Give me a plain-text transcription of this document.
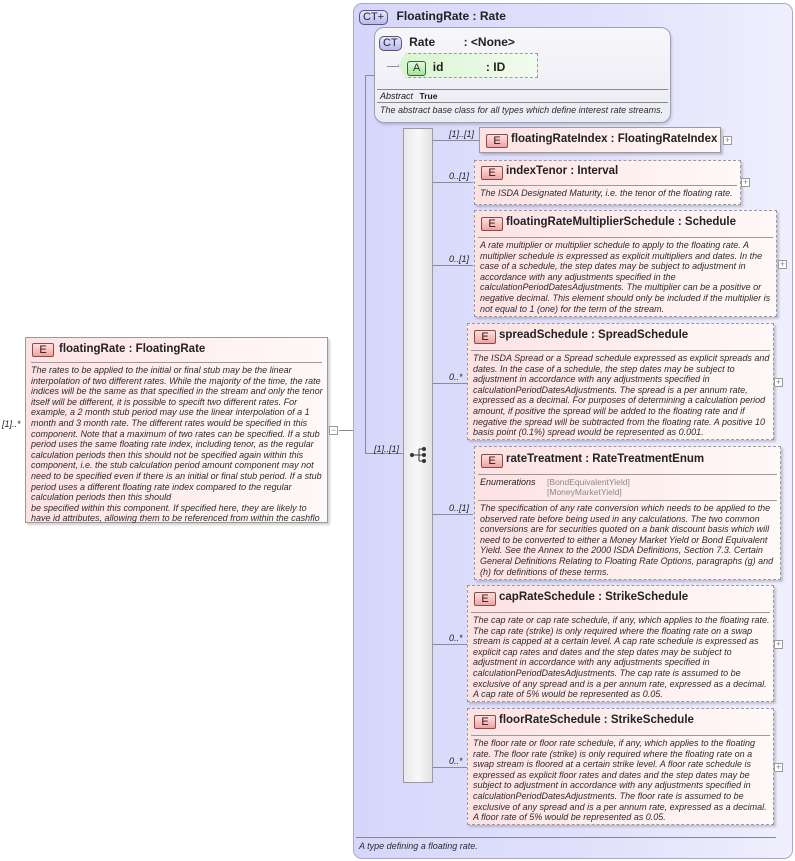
[1]..*
E	floatingRate : FloatingRate
The rates to be applied to the initial or final stub may be the linear interpolation of two different rates. While the majority of the time, the rate indices will be the same as that specified in the stream and only the tenor itself will be different, it is possible to specift two different rates. For example, a 2 month stub period may use the linear interpolation of a 1 month and 3 month rate. The different rates would be specified in this component. Note that a maximum of two rates can be specified. If a stub period uses the same floating rate index, including tenor, as the regular calculation periods then this should not be specified again within this component, i.e. the stub calculation period amount component may not need to be specified even if there is an initial or final stub period. If a stub period uses a different floating rate index compared to the regular calculation periods then this should
be specified within this component. If specified here, they are likely to have id attributes, allowing them to be referenced from within the cashflo
−
CT+ FloatingRate : Rate
CT Rate : <None>
A id	: ID
Abstract True
The abstract base class for all types which define interest rate streams.
[1]..[1]
[1]..[1]
E floatingRateIndex : FloatingRateIndex +
0..[1]	E indexTenor : Interval
The ISDA Designated Maturity, i.e. the tenor of the floating rate.
+
0..[1]
E floatingRateMultiplierSchedule : Schedule
A rate multiplier or multiplier schedule to apply to the floating rate. A multiplier schedule is expressed as explicit multipliers and dates. In the case of a schedule, the step dates may be subject to adjustment in accordance with any adjustments specified in the calculationPeriodDatesAdjustments. The multiplier can be a positive or negative decimal. This element should only be included if the multiplier is not equal to 1 (one) for the term of the stream.
+
0..*
E spreadSchedule : SpreadSchedule
The ISDA Spread or a Spread schedule expressed as explicit spreads and dates. In the case of a schedule, the step dates may be subject to adjustment in accordance with any adjustments specified in calculationPeriodDatesAdjustments. The spread is a per annum rate, expressed as a decimal. For purposes of determining a calculation period amount, if positive the spread will be added to the floating rate and if negative the spread will be subtracted from the floating rate. A positive 10 basis point (0.1%) spread would be represented as 0.001.
+
0..[1]
E rateTreatment : RateTreatmentEnum
Enumerations [BondEquivalentYield]
[MoneyMarketYield]
The specification of any rate conversion which needs to be applied to the observed rate before being used in any calculations. The two common conversions are for securities quoted on a bank discount basis which will need to be converted to either a Money Market Yield or Bond Equivalent Yield. See the Annex to the 2000 ISDA Definitions, Section 7.3. Certain General Definitions Relating to Floating Rate Options, paragraphs (g) and (h) for definitions of these terms.
0..*
E capRateSchedule : StrikeSchedule
The cap rate or cap rate schedule, if any, which applies to the floating rate. The cap rate (strike) is only required where the floating rate on a swap stream is capped at a certain level. A cap rate schedule is expressed as explicit cap rates and dates and the step dates may be subject to adjustment in accordance with any adjustments specified in calculationPeriodDatesAdjustments. The cap rate is assumed to be exclusive of any spread and is a per annum rate, expressed as a decimal. A cap rate of 5% would be represented as 0.05.
+
0..*
E floorRateSchedule : StrikeSchedule
The floor rate or floor rate schedule, if any, which applies to the floating rate. The floor rate (strike) is only required where the floating rate on a swap stream is floored at a certain strike level. A floor rate schedule is expressed as explicit floor rates and dates and the step dates may be subject to adjustment in accordance with any adjustments specified in calculationPeriodDatesAdjustments. The floor rate is assumed to be exclusive of any spread and is a per annum rate, expressed as a decimal. A floor rate of 5% would be represented as 0.05.
+
A type defining a floating rate.
